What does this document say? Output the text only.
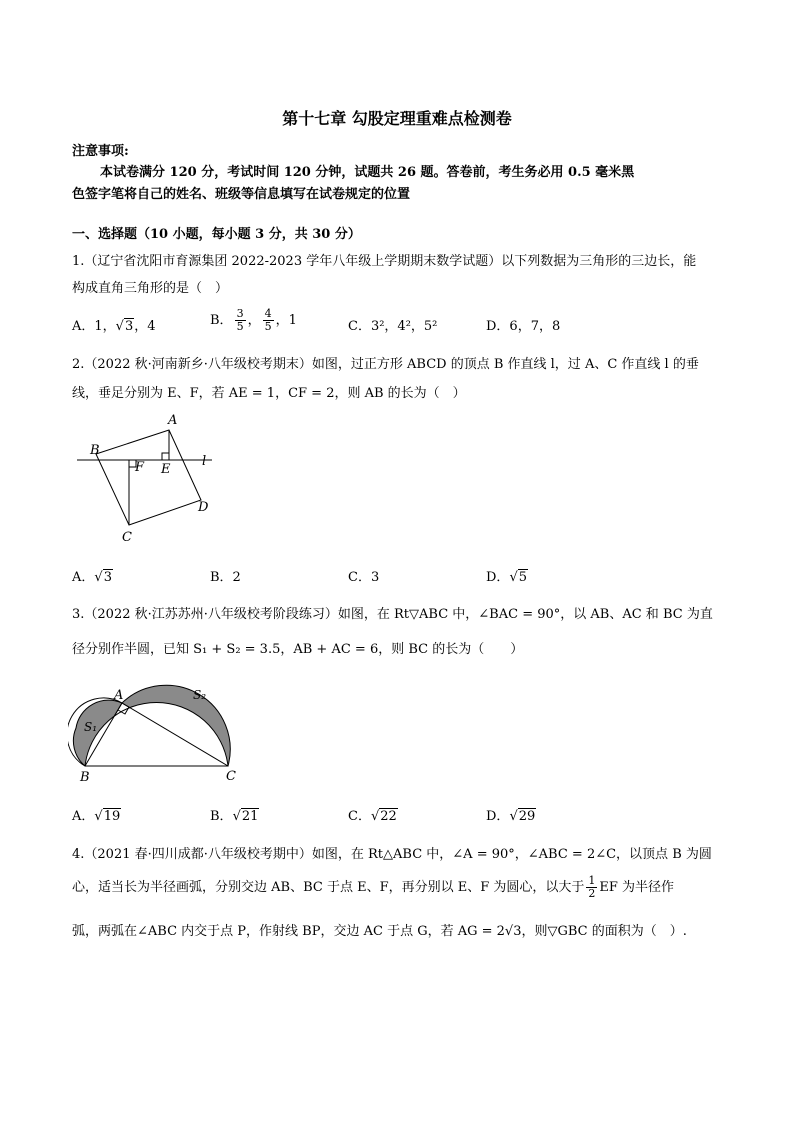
第十七章 勾股定理重难点检测卷
注意事项:
本试卷满分 120 分，考试时间 120 分钟，试题共 26 题。答卷前，考生务必用 0.5 毫米黑
色签字笔将自己的姓名、班级等信息填写在试卷规定的位置
一、选择题（10 小题，每小题 3 分，共 30 分）
1.（辽宁省沈阳市育源集团 2022-2023 学年八年级上学期期末数学试题）以下列数据为三角形的三边长，能
构成直角三角形的是（　）
A．1，√3，4	B． $\frac{3}{5}$ ， $\frac{4}{5}$ ，1	C．3²，4²，5²	D．6，7，8
2.（2022 秋·河南新乡·八年级校考期末）如图，过正方形 ABCD 的顶点 B 作直线 l，过 A、C 作直线 l 的垂
线，垂足分别为 E、F，若 AE = 1，CF = 2，则 AB 的长为（　）
A
B
F E
l
D
C
A．√3	B．2	C．3	D．√5
3.（2022 秋·江苏苏州·八年级校考阶段练习）如图，在 Rt▽ABC 中，∠BAC = 90°，以 AB、AC 和 BC 为直
径分别作半圆，已知 S₁ + S₂ = 3.5，AB + AC = 6，则 BC 的长为（　　）
A
B	C
S₁
S₂
A．√19	B．√21	C．√22	D．√29
4.（2021 春·四川成都·八年级校考期中）如图，在 Rt△ABC 中，∠A = 90°，∠ABC = 2∠C，以顶点 B 为圆
心，适当长为半径画弧，分别交边 AB、BC 于点 E、F，再分别以 E、F 为圆心，以大于 $\frac{1}{2}$ EF 为半径作
弧，两弧在∠ABC 内交于点 P，作射线 BP，交边 AC 于点 G，若 AG = 2√3，则▽GBC 的面积为（　）.
